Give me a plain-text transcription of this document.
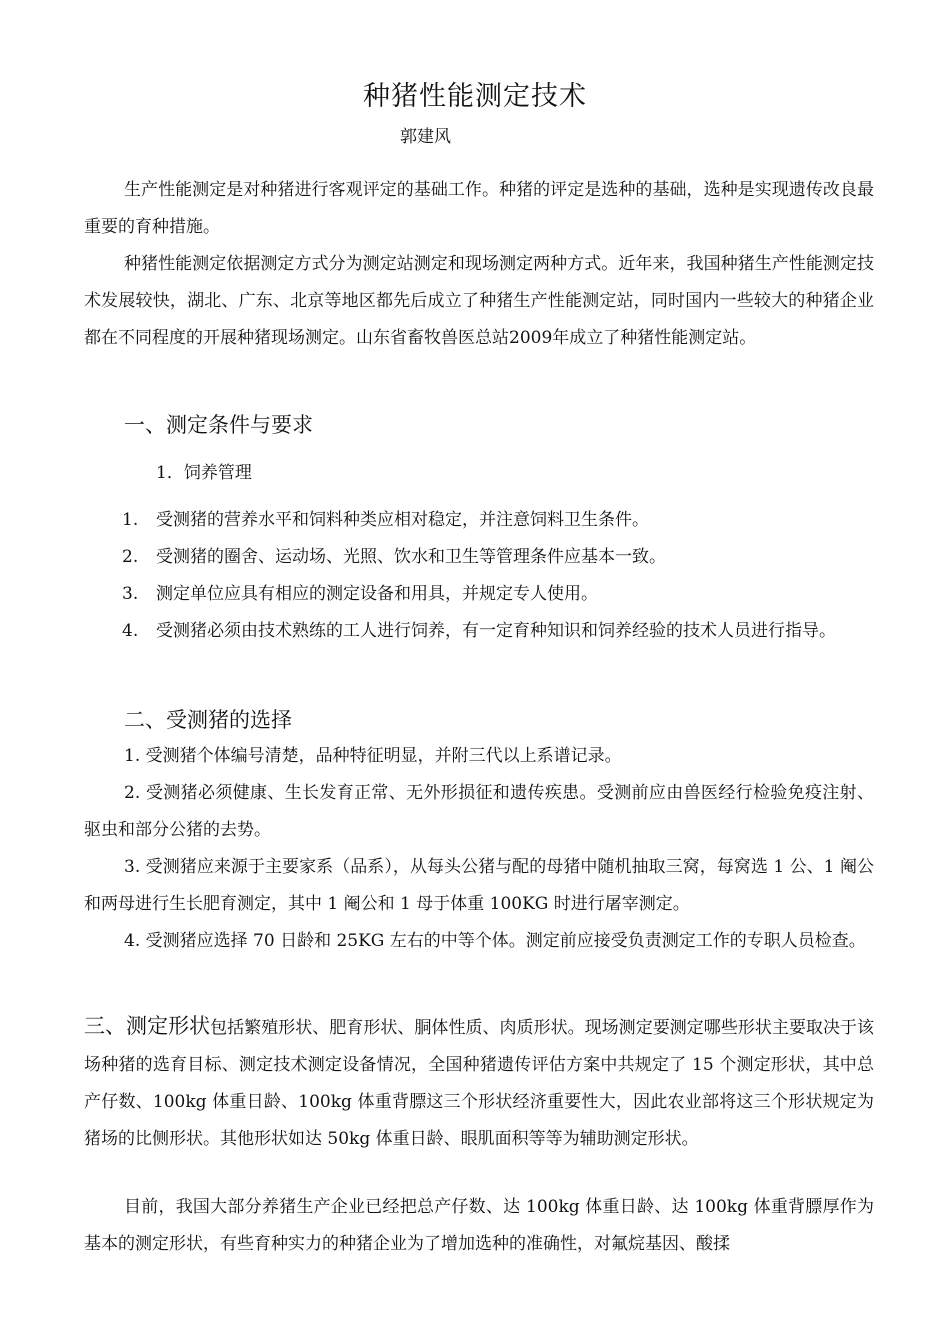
种猪性能测定技术
郭建风

生产性能测定是对种猪进行客观评定的基础工作。种猪的评定是选种的基础，选种是实现遗传改良最重要的育种措施。

种猪性能测定依据测定方式分为测定站测定和现场测定两种方式。近年来，我国种猪生产性能测定技术发展较快，湖北、广东、北京等地区都先后成立了种猪生产性能测定站，同时国内一些较大的种猪企业都在不同程度的开展种猪现场测定。山东省畜牧兽医总站2009年成立了种猪性能测定站。

一、测定条件与要求
1．饲养管理
1.	受测猪的营养水平和饲料种类应相对稳定，并注意饲料卫生条件。
2.	受测猪的圈舍、运动场、光照、饮水和卫生等管理条件应基本一致。
3.	测定单位应具有相应的测定设备和用具，并规定专人使用。
4.	受测猪必须由技术熟练的工人进行饲养，有一定育种知识和饲养经验的技术人员进行指导。
二、受测猪的选择

1. 受测猪个体编号清楚，品种特征明显，并附三代以上系谱记录。

2. 受测猪必须健康、生长发育正常、无外形损征和遗传疾患。受测前应由兽医经行检验免疫注射、驱虫和部分公猪的去势。

3. 受测猪应来源于主要家系（品系），从每头公猪与配的母猪中随机抽取三窝，每窝选 1 公、1 阉公和两母进行生长肥育测定，其中 1 阉公和 1 母于体重 100KG 时进行屠宰测定。

4. 受测猪应选择 70 日龄和 25KG 左右的中等个体。测定前应接受负责测定工作的专职人员检查。

三、测定形状包括繁殖形状、肥育形状、胴体性质、肉质形状。现场测定要测定哪些形状主要取决于该场种猪的选育目标、测定技术测定设备情况，全国种猪遗传评估方案中共规定了 15 个测定形状，其中总产仔数、100kg 体重日龄、100kg 体重背膘这三个形状经济重要性大，因此农业部将这三个形状规定为猪场的比侧形状。其他形状如达 50kg 体重日龄、眼肌面积等等为辅助测定形状。

目前，我国大部分养猪生产企业已经把总产仔数、达 100kg 体重日龄、达 100kg 体重背膘厚作为基本的测定形状，有些育种实力的种猪企业为了增加选种的准确性，对氟烷基因、酸揉
